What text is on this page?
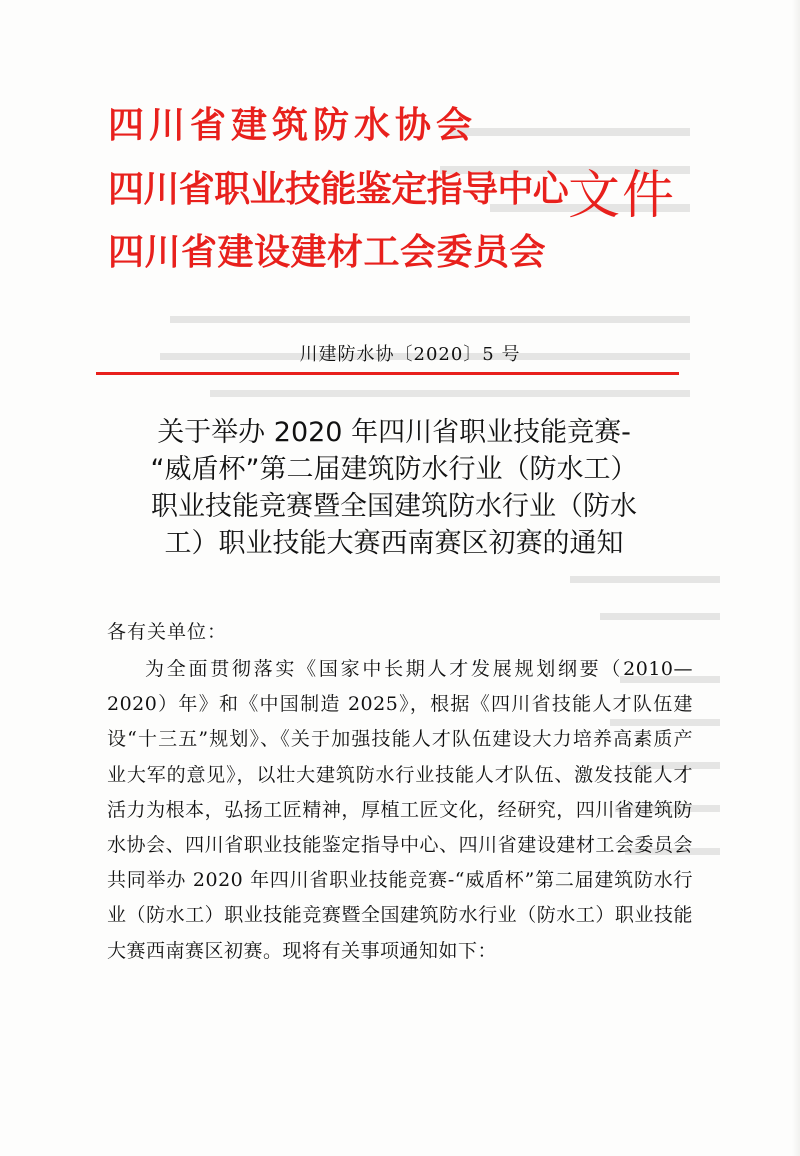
四川省建筑防水协会
四川省职业技能鉴定指导中心
四川省建设建材工会委员会
文件
川建防水协〔2020〕5 号
关于举办 2020 年四川省职业技能竞赛-
“威盾杯”第二届建筑防水行业（防水工）
职业技能竞赛暨全国建筑防水行业（防水
工）职业技能大赛西南赛区初赛的通知
各有关单位：
为全面贯彻落实《国家中长期人才发展规划纲要（2010—2020）年》和《中国制造 2025》，根据《四川省技能人才队伍建设“十三五”规划》、《关于加强技能人才队伍建设大力培养高素质产业大军的意见》，以壮大建筑防水行业技能人才队伍、激发技能人才活力为根本，弘扬工匠精神，厚植工匠文化，经研究，四川省建筑防水协会、四川省职业技能鉴定指导中心、四川省建设建材工会委员会共同举办 2020 年四川省职业技能竞赛-“威盾杯”第二届建筑防水行业（防水工）职业技能竞赛暨全国建筑防水行业（防水工）职业技能大赛西南赛区初赛。现将有关事项通知如下：
